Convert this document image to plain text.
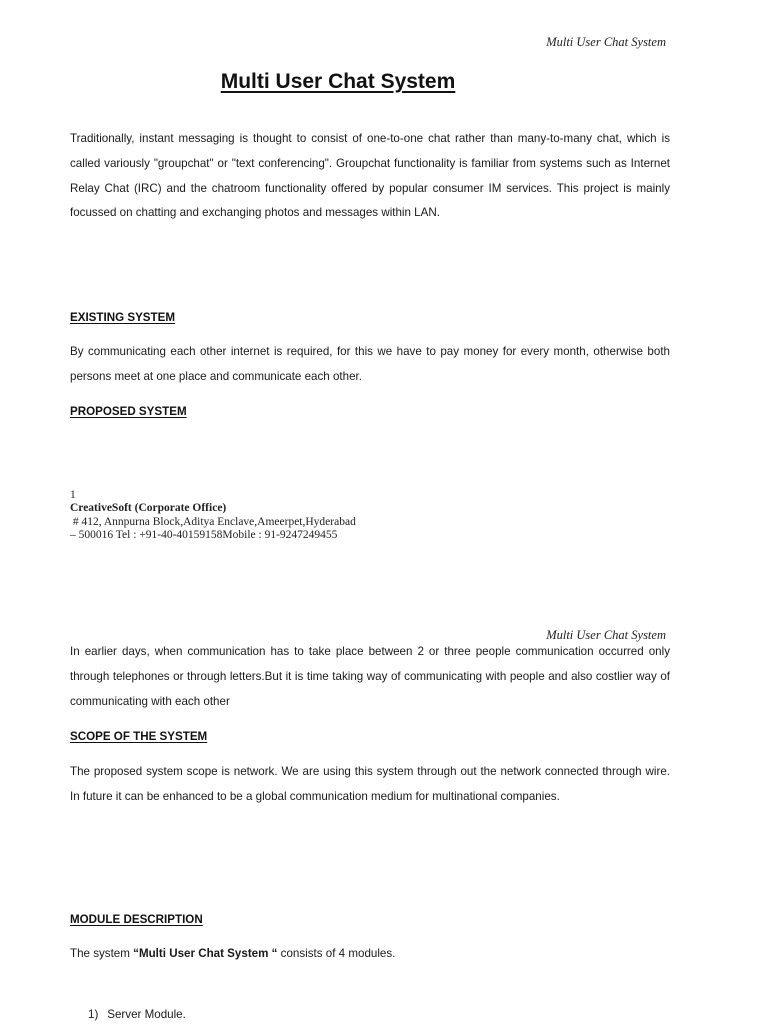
Multi User Chat System
Multi User Chat System

Traditionally, instant messaging is thought to consist of one-to-one chat rather than many-to-many chat, which is called variously "groupchat" or "text conferencing". Groupchat functionality is familiar from systems such as Internet Relay Chat (IRC) and the chatroom functionality offered by popular consumer IM services. This project is mainly focussed on chatting and exchanging photos and messages within LAN.

EXISTING SYSTEM

By communicating each other internet is required, for this we have to pay money for every month, otherwise both persons meet at one place and communicate each other.

PROPOSED SYSTEM
1
CreativeSoft (Corporate Office)
# 412, Annpurna Block,Aditya Enclave,Ameerpet,Hyderabad
– 500016 Tel : +91-40-40159158Mobile : 91-9247249455
Multi User Chat System

In earlier days, when communication has to take place between 2 or three people communication occurred only through telephones or through letters.But it is time taking way of communicating with people and also costlier way of communicating with each other

SCOPE OF THE SYSTEM

The proposed system scope is network. We are using this system through out the network connected through wire. In future it can be enhanced to be a global communication medium for multinational companies.

MODULE DESCRIPTION

The system “Multi User Chat System “ consists of 4 modules.

1) Server Module.
